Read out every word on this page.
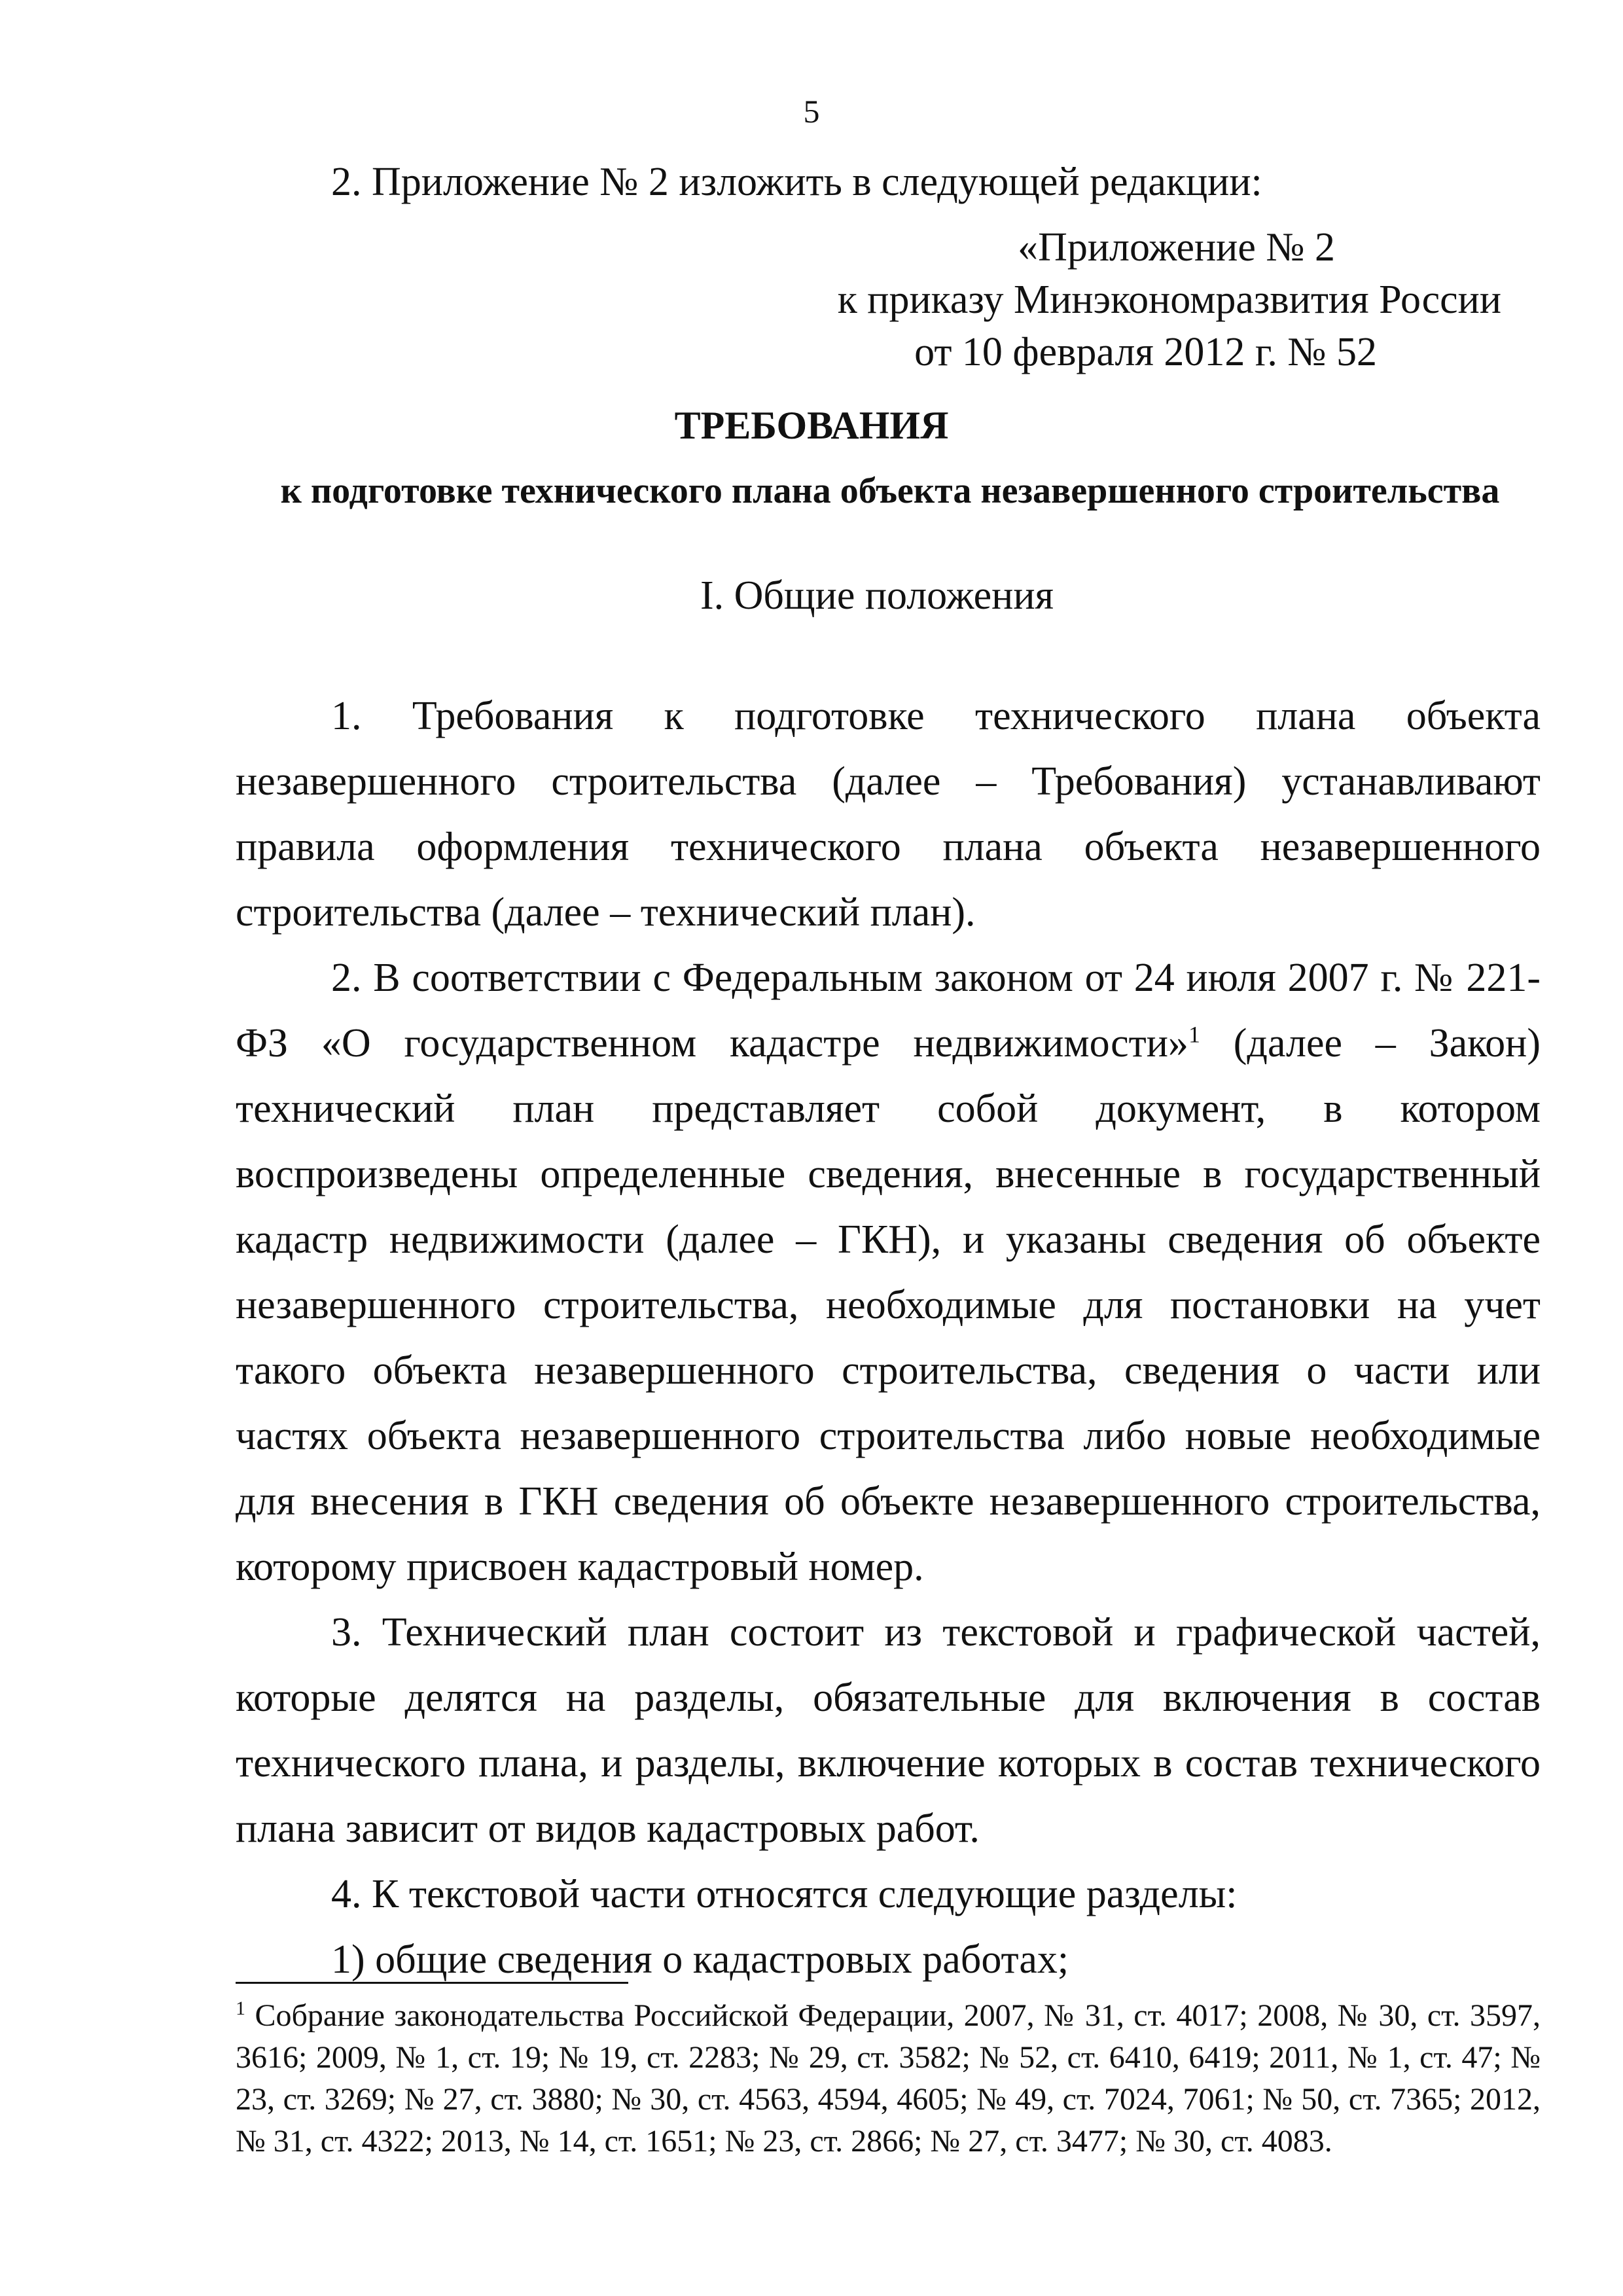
5
2. Приложение № 2 изложить в следующей редакции:
«Приложение № 2
к приказу Минэкономразвития России
от 10 февраля 2012 г. № 52
ТРЕБОВАНИЯ
к подготовке технического плана объекта незавершенного строительства
I. Общие положения

1. Требования к подготовке технического плана объекта незавершенного строительства (далее – Требования) устанавливают правила оформления технического плана объекта незавершенного строительства (далее – технический план).

2. В соответствии с Федеральным законом от 24 июля 2007 г. № 221-ФЗ «О государственном кадастре недвижимости»$^1$ (далее – Закон) технический план представляет собой документ, в котором воспроизведены определенные сведения, внесенные в государственный кадастр недвижимости (далее – ГКН), и указаны сведения об объекте незавершенного строительства, необходимые для постановки на учет такого объекта незавершенного строительства, сведения о части или частях объекта незавершенного строительства либо новые необходимые для внесения в ГКН сведения об объекте незавершенного строительства, которому присвоен кадастровый номер.

3. Технический план состоит из текстовой и графической частей, которые делятся на разделы, обязательные для включения в состав технического плана, и разделы, включение которых в состав технического плана зависит от видов кадастровых работ.

4. К текстовой части относятся следующие разделы:

1) общие сведения о кадастровых работах;

$^1$ Собрание законодательства Российской Федерации, 2007, № 31, ст. 4017; 2008, № 30, ст. 3597, 3616; 2009, № 1, ст. 19; № 19, ст. 2283; № 29, ст. 3582; № 52, ст. 6410, 6419; 2011, № 1, ст. 47; № 23, ст. 3269; № 27, ст. 3880; № 30, ст. 4563, 4594, 4605; № 49, ст. 7024, 7061; № 50, ст. 7365; 2012, № 31, ст. 4322; 2013, № 14, ст. 1651; № 23, ст. 2866; № 27, ст. 3477; № 30, ст. 4083.
